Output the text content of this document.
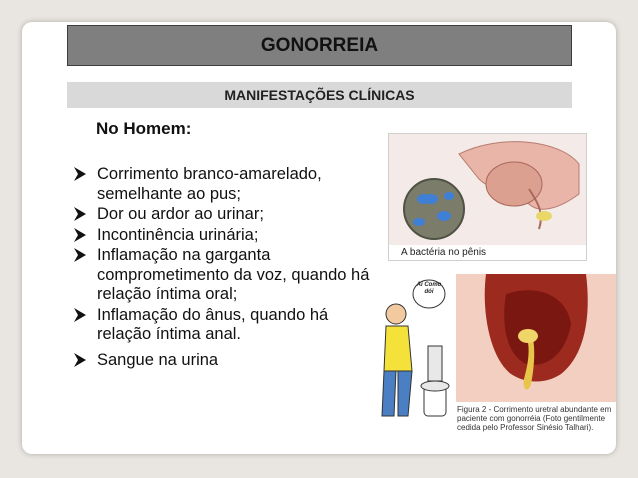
GONORREIA
MANIFESTAÇÕES CLÍNICAS
No Homem:
Corrimento branco-amarelado, semelhante ao pus;
Dor ou ardor ao urinar;
Incontinência urinária;
Inflamação na garganta comprometimento da voz, quando há relação íntima oral;
Inflamação do ânus, quando há relação íntima anal.
Sangue na urina
A bactéria no pênis
Ai Como dói
Figura 2 - Corrimento uretral abundante em paciente com gonorréia (Foto gentilmente cedida pelo Professor Sinésio Talhari).
